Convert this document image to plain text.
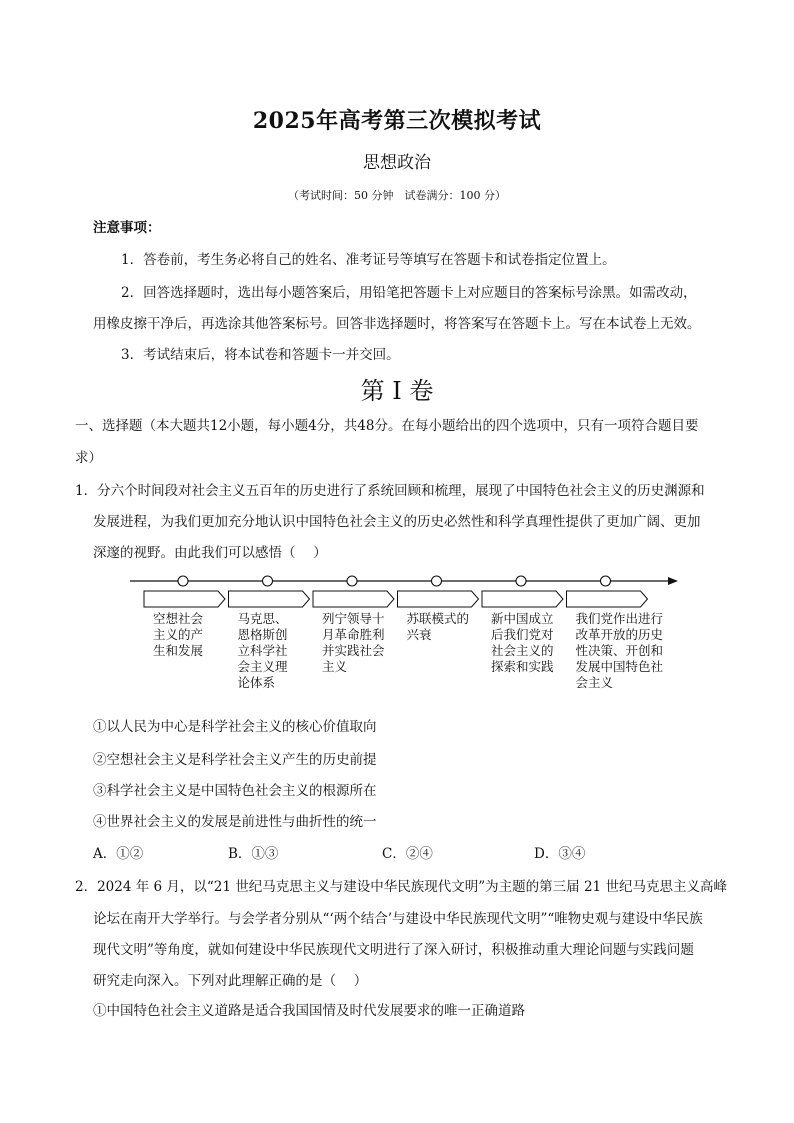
2025年高考第三次模拟考试
思想政治
（考试时间：50 分钟　试卷满分：100 分）
注意事项：
1．答卷前，考生务必将自己的姓名、准考证号等填写在答题卡和试卷指定位置上。
2．回答选择题时，选出每小题答案后，用铅笔把答题卡上对应题目的答案标号涂黑。如需改动，
用橡皮擦干净后，再选涂其他答案标号。回答非选择题时，将答案写在答题卡上。写在本试卷上无效。
3．考试结束后，将本试卷和答题卡一并交回。
第 I 卷
一、选择题（本大题共12小题，每小题4分，共48分。在每小题给出的四个选项中，只有一项符合题目要
求）
1．分六个时间段对社会主义五百年的历史进行了系统回顾和梳理，展现了中国特色社会主义的历史渊源和
发展进程，为我们更加充分地认识中国特色社会主义的历史必然性和科学真理性提供了更加广阔、更加
深邃的视野。由此我们可以感悟（　 ）
空想社会
主义的产
生和发展
马克思、
恩格斯创
立科学社
会主义理
论体系
列宁领导十
月革命胜利
并实践社会
主义
苏联模式的
兴衰
新中国成立
后我们党对
社会主义的
探索和实践
我们党作出进行
改革开放的历史
性决策、开创和
发展中国特色社
会主义
①以人民为中心是科学社会主义的核心价值取向
②空想社会主义是科学社会主义产生的历史前提
③科学社会主义是中国特色社会主义的根源所在
④世界社会主义的发展是前进性与曲折性的统一
A．①②	B．①③	C．②④	D．③④
2．2024 年 6 月，以“21 世纪马克思主义与建设中华民族现代文明”为主题的第三届 21 世纪马克思主义高峰
论坛在南开大学举行。与会学者分别从“‘两个结合’与建设中华民族现代文明”“唯物史观与建设中华民族
现代文明”等角度，就如何建设中华民族现代文明进行了深入研讨，积极推动重大理论问题与实践问题
研究走向深入。下列对此理解正确的是（　 ）
①中国特色社会主义道路是适合我国国情及时代发展要求的唯一正确道路
